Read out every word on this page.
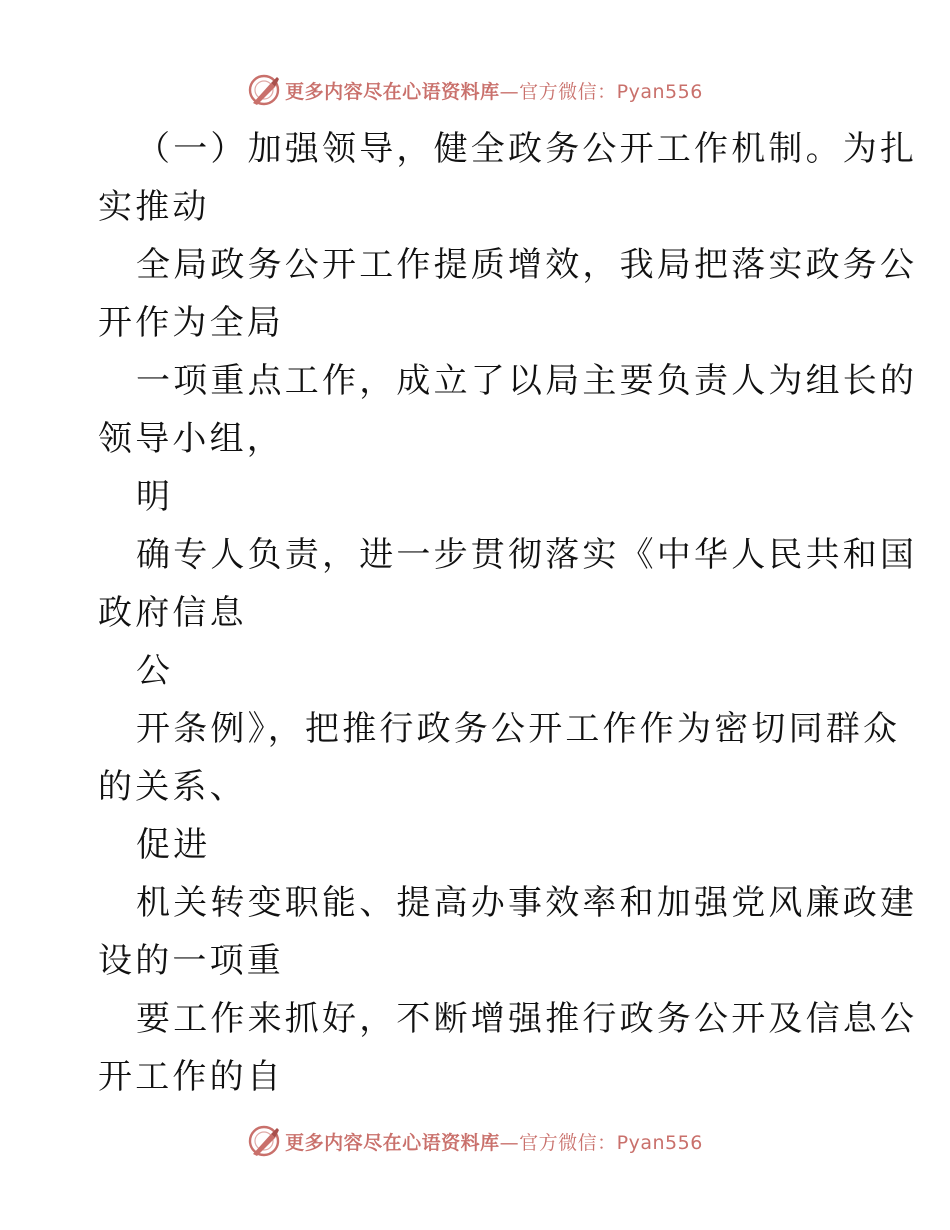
更多内容尽在心语资料库—官方微信：Pyan556
（一）加强领导，健全政务公开工作机制。为扎
实推动
全局政务公开工作提质增效，我局把落实政务公
开作为全局
一项重点工作，成立了以局主要负责人为组长的
领导小组，
明
确专人负责，进一步贯彻落实《中华人民共和国
政府信息
公
开条例》，把推行政务公开工作作为密切同群众
的关系、
促进
机关转变职能、提高办事效率和加强党风廉政建
设的一项重
要工作来抓好，不断增强推行政务公开及信息公
开工作的自
更多内容尽在心语资料库—官方微信：Pyan556
